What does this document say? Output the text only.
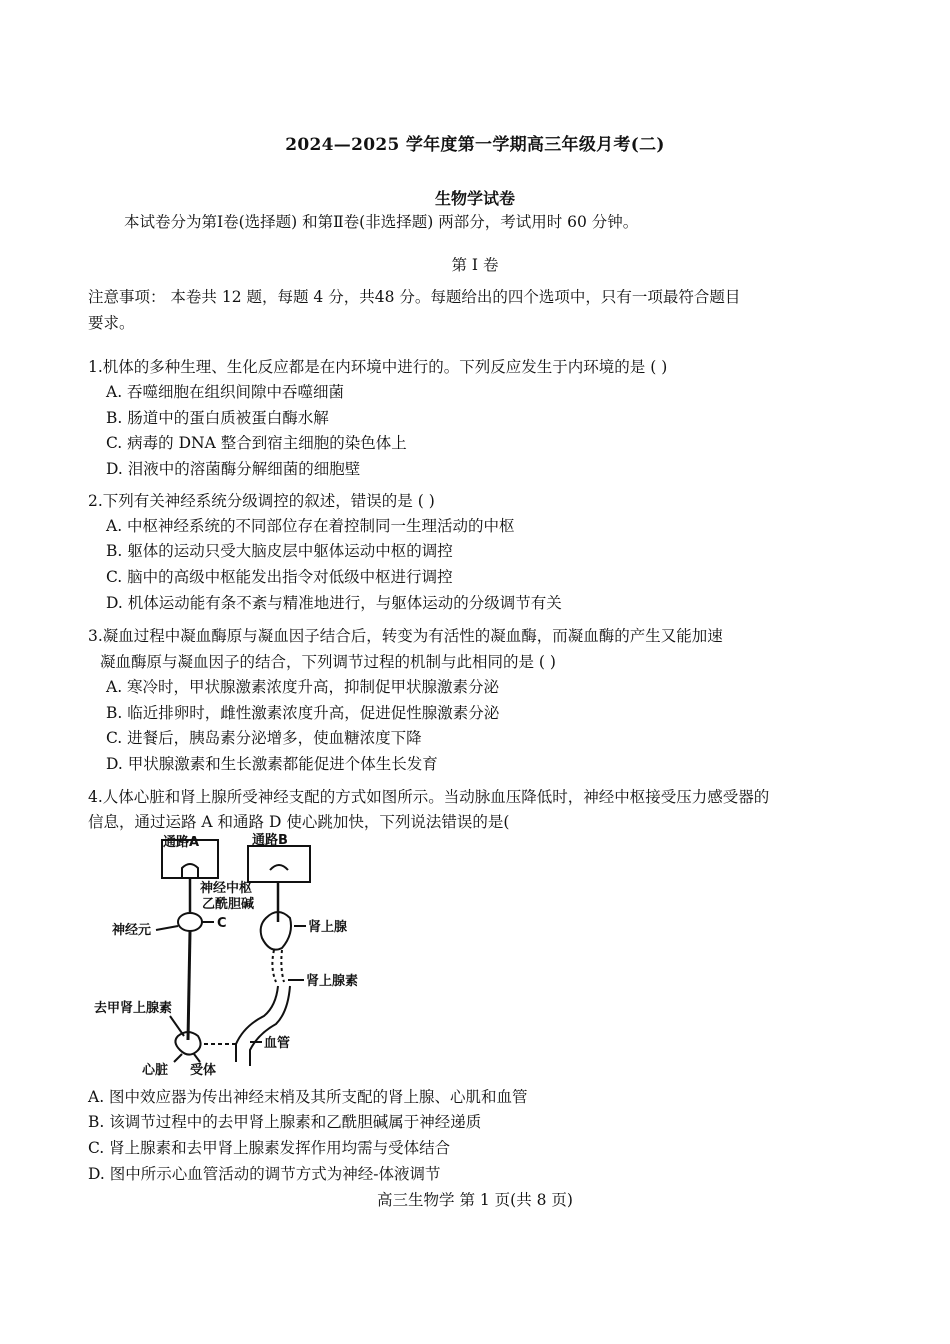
2024—2025 学年度第一学期高三年级月考(二)
生物学试卷
本试卷分为第Ⅰ卷(选择题) 和第Ⅱ卷(非选择题) 两部分，考试用时 60 分钟。
第 I 卷
注意事项： 本卷共 12 题，每题 4 分，共48 分。每题给出的四个选项中，只有一项最符合题目
要求。
1.机体的多种生理、生化反应都是在内环境中进行的。下列反应发生于内环境的是 ( )
A. 吞噬细胞在组织间隙中吞噬细菌
B. 肠道中的蛋白质被蛋白酶水解
C. 病毒的 DNA 整合到宿主细胞的染色体上
D. 泪液中的溶菌酶分解细菌的细胞壁
2.下列有关神经系统分级调控的叙述，错误的是 ( )
A. 中枢神经系统的不同部位存在着控制同一生理活动的中枢
B. 躯体的运动只受大脑皮层中躯体运动中枢的调控
C. 脑中的高级中枢能发出指令对低级中枢进行调控
D. 机体运动能有条不紊与精准地进行，与躯体运动的分级调节有关
3.凝血过程中凝血酶原与凝血因子结合后，转变为有活性的凝血酶，而凝血酶的产生又能加速
凝血酶原与凝血因子的结合，下列调节过程的机制与此相同的是 ( )
A. 寒冷时，甲状腺激素浓度升高，抑制促甲状腺激素分泌
B. 临近排卵时，雌性激素浓度升高，促进促性腺激素分泌
C. 进餐后，胰岛素分泌增多，使血糖浓度下降
D. 甲状腺激素和生长激素都能促进个体生长发育
4.人体心脏和肾上腺所受神经支配的方式如图所示。当动脉血压降低时，神经中枢接受压力感受器的
信息，通过运路 A 和通路 D 使心跳加快，下列说法错误的是(
通路A	通路B
神经中枢
乙酰胆碱
C
神经元	肾上腺
肾上腺素
血管
去甲肾上腺素
心脏 受体
A. 图中效应器为传出神经末梢及其所支配的肾上腺、心肌和血管
B. 该调节过程中的去甲肾上腺素和乙酰胆碱属于神经递质
C. 肾上腺素和去甲肾上腺素发挥作用均需与受体结合
D. 图中所示心血管活动的调节方式为神经-体液调节
高三生物学 第 1 页(共 8 页)
